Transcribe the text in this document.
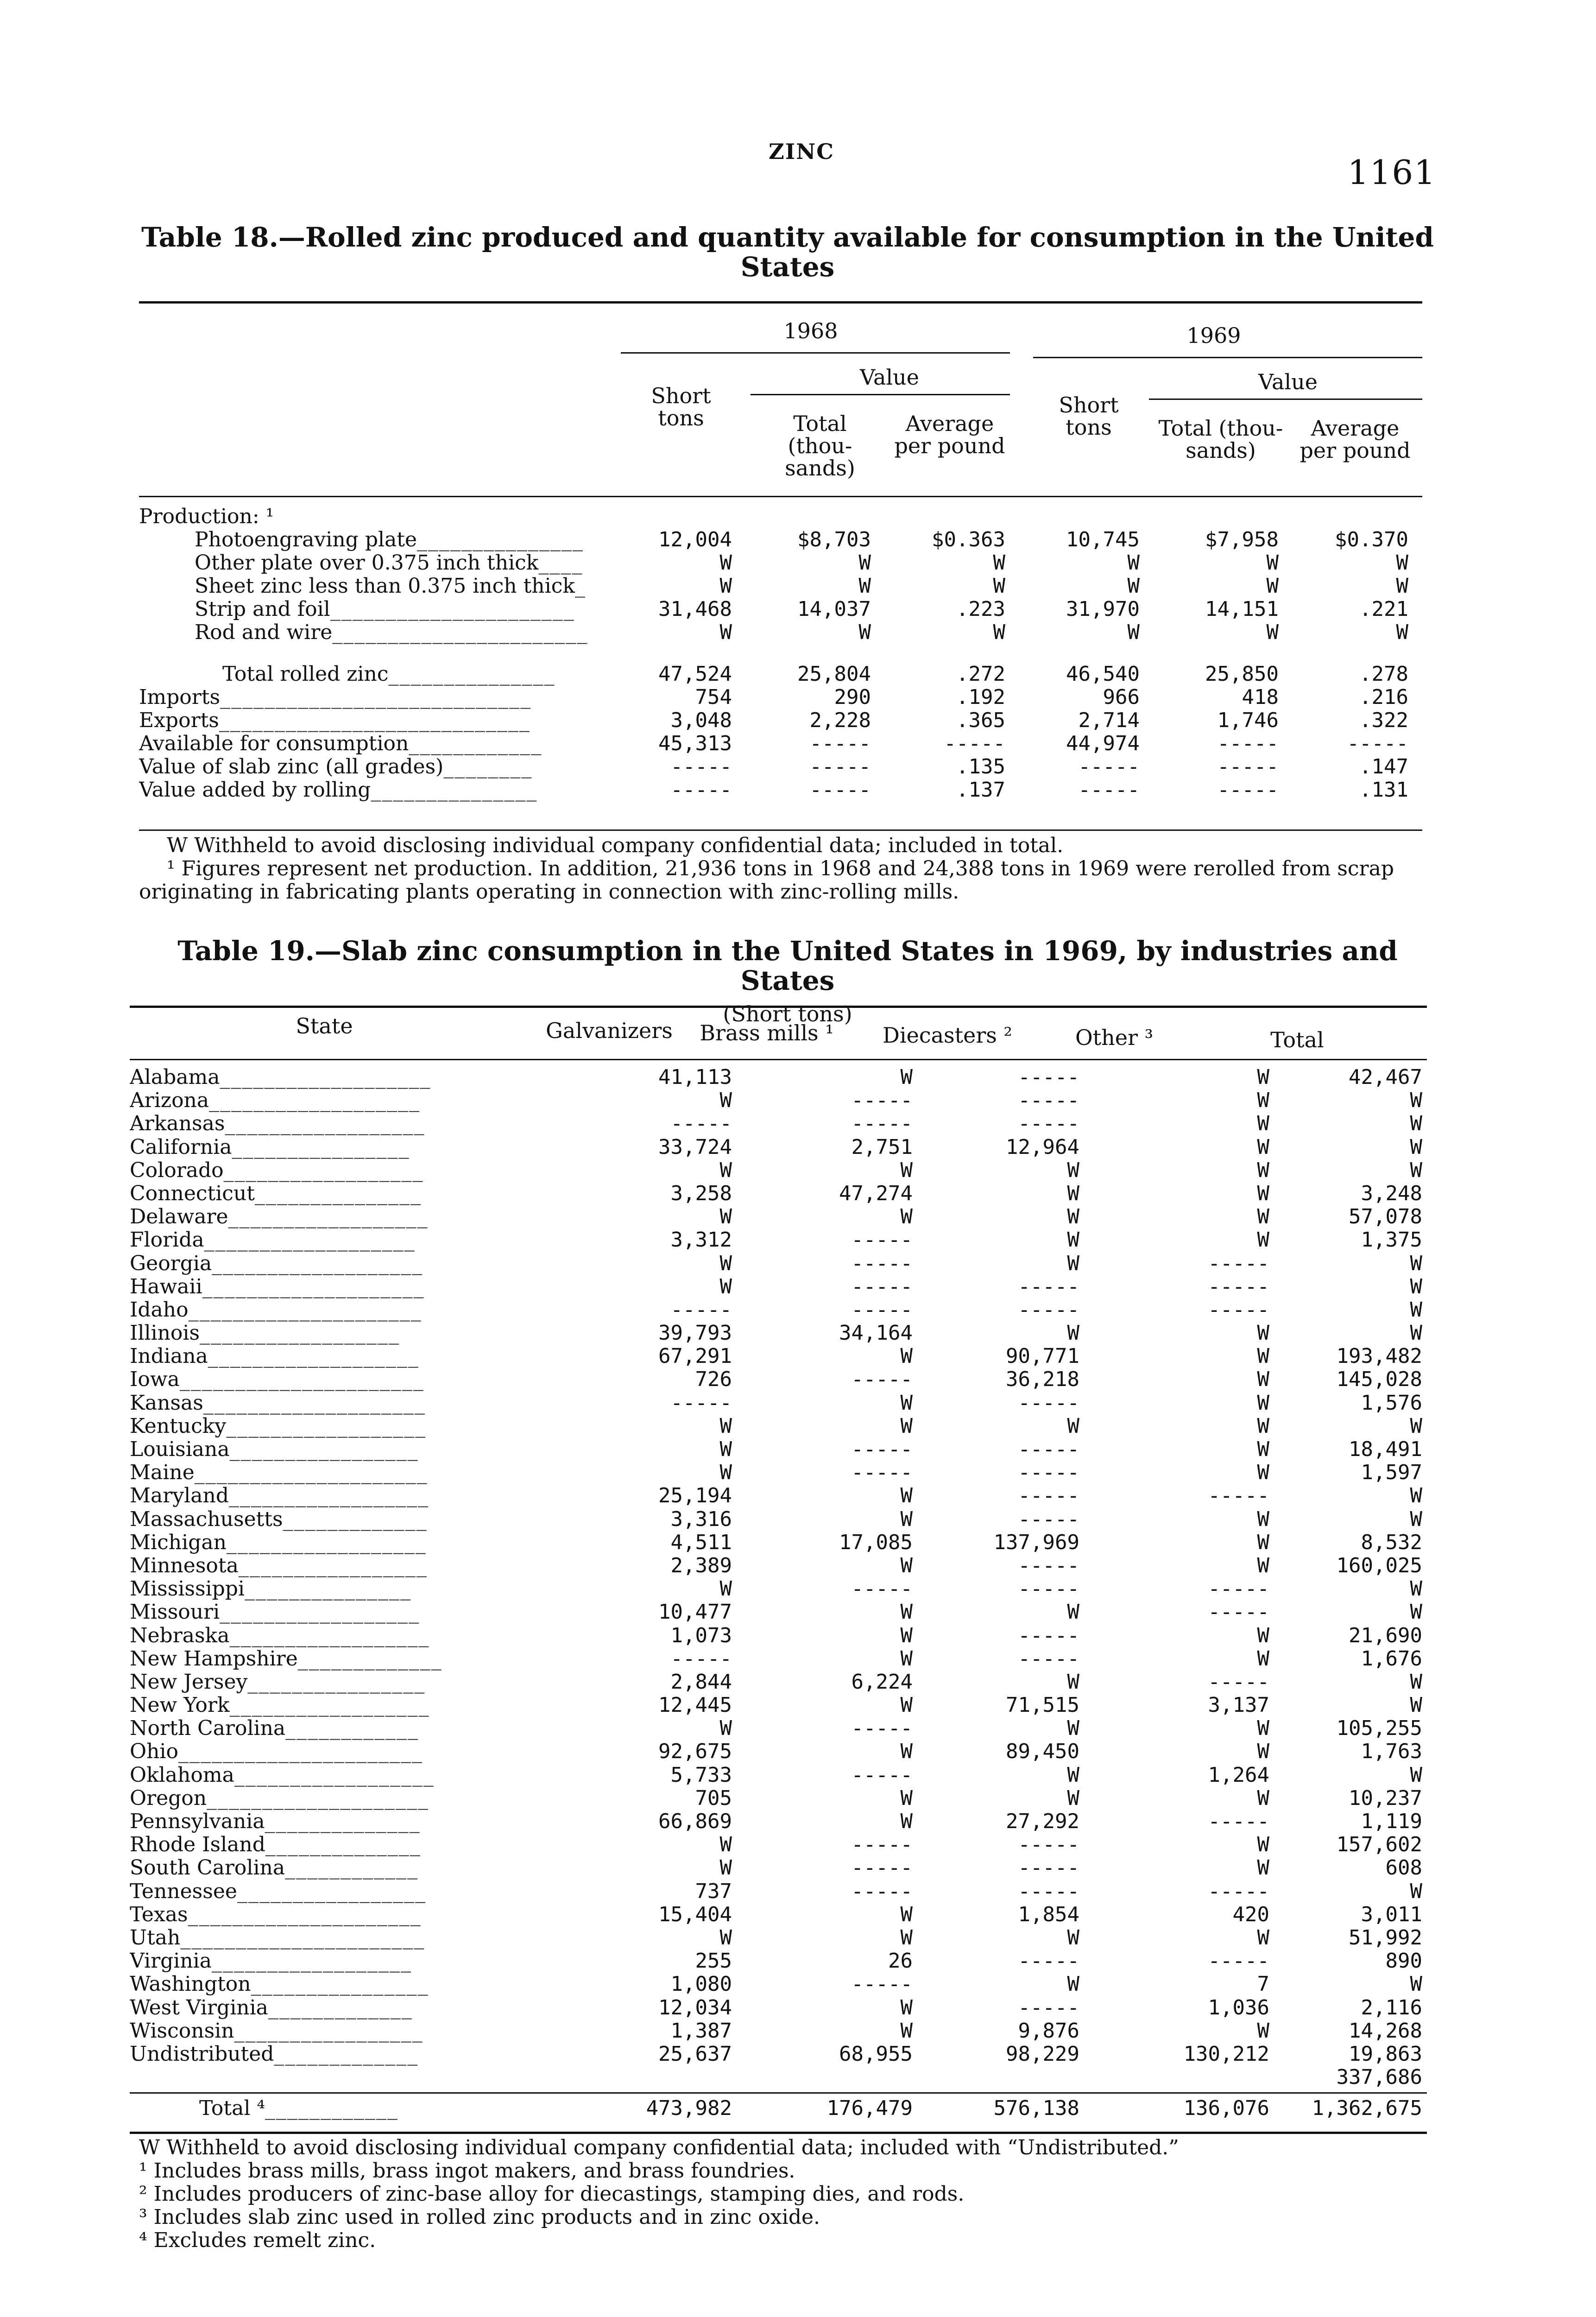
ZINC
1161
Table 18.—Rolled zinc produced and quantity available for consumption in the United States
1968	1969
Short tons
Value
Total (thou- sands)
Average per pound
Short tons
Value
Total (thou- sands)
Average per pound
Production: ¹
Photoengraving plate_______________	12,004	$8,703	$0.363	10,745	$7,958	$0.370
Other plate over 0.375 inch thick____	W	W	W	W	W	W
Sheet zinc less than 0.375 inch thick_	W	W	W	W	W	W
Strip and foil______________________	31,468	14,037	.223	31,970	14,151	.221
Rod and wire_______________________	W	W	W	W	W	W
Total rolled zinc_______________	47,524	25,804	.272	46,540	25,850	.278
Imports____________________________	754	290	.192	966	418	.216
Exports____________________________	3,048	2,228	.365	2,714	1,746	.322
Available for consumption____________	45,313	-----	-----	44,974	-----	-----
Value of slab zinc (all grades)________	-----	-----	.135	-----	-----	.147
Value added by rolling_______________	-----	-----	.137	-----	-----	.131
W Withheld to avoid disclosing individual company confidential data; included in total.
¹ Figures represent net production. In addition, 21,936 tons in 1968 and 24,388 tons in 1969 were rerolled from scrap originating in fabricating plants operating in connection with zinc-rolling mills.
Table 19.—Slab zinc consumption in the United States in 1969, by industries and States
(Short tons)
State	Galvanizers	Brass mills ¹	Diecasters ²	Other ³	Total
Alabama___________________	41,113	W	-----	W	42,467
Arizona___________________	W	-----	-----	W	W
Arkansas__________________	-----	-----	-----	W	W
California________________	33,724	2,751	12,964	W	W
Colorado__________________	W	W	W	W	W
Connecticut_______________	3,258	47,274	W	W	3,248
Delaware__________________	W	W	W	W	57,078
Florida___________________	3,312	-----	W	W	1,375
Georgia___________________	W	-----	W	-----	W
Hawaii____________________	W	-----	-----	-----	W
Idaho_____________________	-----	-----	-----	-----	W
Illinois__________________	39,793	34,164	W	W	W
Indiana___________________	67,291	W	90,771	W	193,482
Iowa______________________	726	-----	36,218	W	145,028
Kansas____________________	-----	W	-----	W	1,576
Kentucky__________________	W	W	W	W	W
Louisiana_________________	W	-----	-----	W	18,491
Maine_____________________	W	-----	-----	W	1,597
Maryland__________________	25,194	W	-----	-----	W
Massachusetts_____________	3,316	W	-----	W	W
Michigan__________________	4,511	17,085	137,969	W	8,532
Minnesota_________________	2,389	W	-----	W	160,025
Mississippi_______________	W	-----	-----	-----	W
Missouri__________________	10,477	W	W	-----	W
Nebraska__________________	1,073	W	-----	W	21,690
New Hampshire_____________	-----	W	-----	W	1,676
New Jersey________________	2,844	6,224	W	-----	W
New York__________________	12,445	W	71,515	3,137	W
North Carolina____________	W	-----	W	W	105,255
Ohio______________________	92,675	W	89,450	W	1,763
Oklahoma__________________	5,733	-----	W	1,264	W
Oregon____________________	705	W	W	W	10,237
Pennsylvania______________	66,869	W	27,292	-----	1,119
Rhode Island______________	W	-----	-----	W	157,602
South Carolina____________	W	-----	-----	W	608
Tennessee_________________	737	-----	-----	-----	W
Texas_____________________	15,404	W	1,854	420	3,011
Utah______________________	W	W	W	W	51,992
Virginia__________________	255	26	-----	-----	890
Washington________________	1,080	-----	W	7	W
West Virginia_____________	12,034	W	-----	1,036	2,116
Wisconsin_________________	1,387	W	9,876	W	14,268
Undistributed_____________	25,637	68,955	98,229	130,212	19,863
337,686
Total ⁴____________	473,982	176,479	576,138	136,076	1,362,675
W Withheld to avoid disclosing individual company confidential data; included with “Undistributed.”
¹ Includes brass mills, brass ingot makers, and brass foundries.
² Includes producers of zinc-base alloy for diecastings, stamping dies, and rods.
³ Includes slab zinc used in rolled zinc products and in zinc oxide.
⁴ Excludes remelt zinc.
